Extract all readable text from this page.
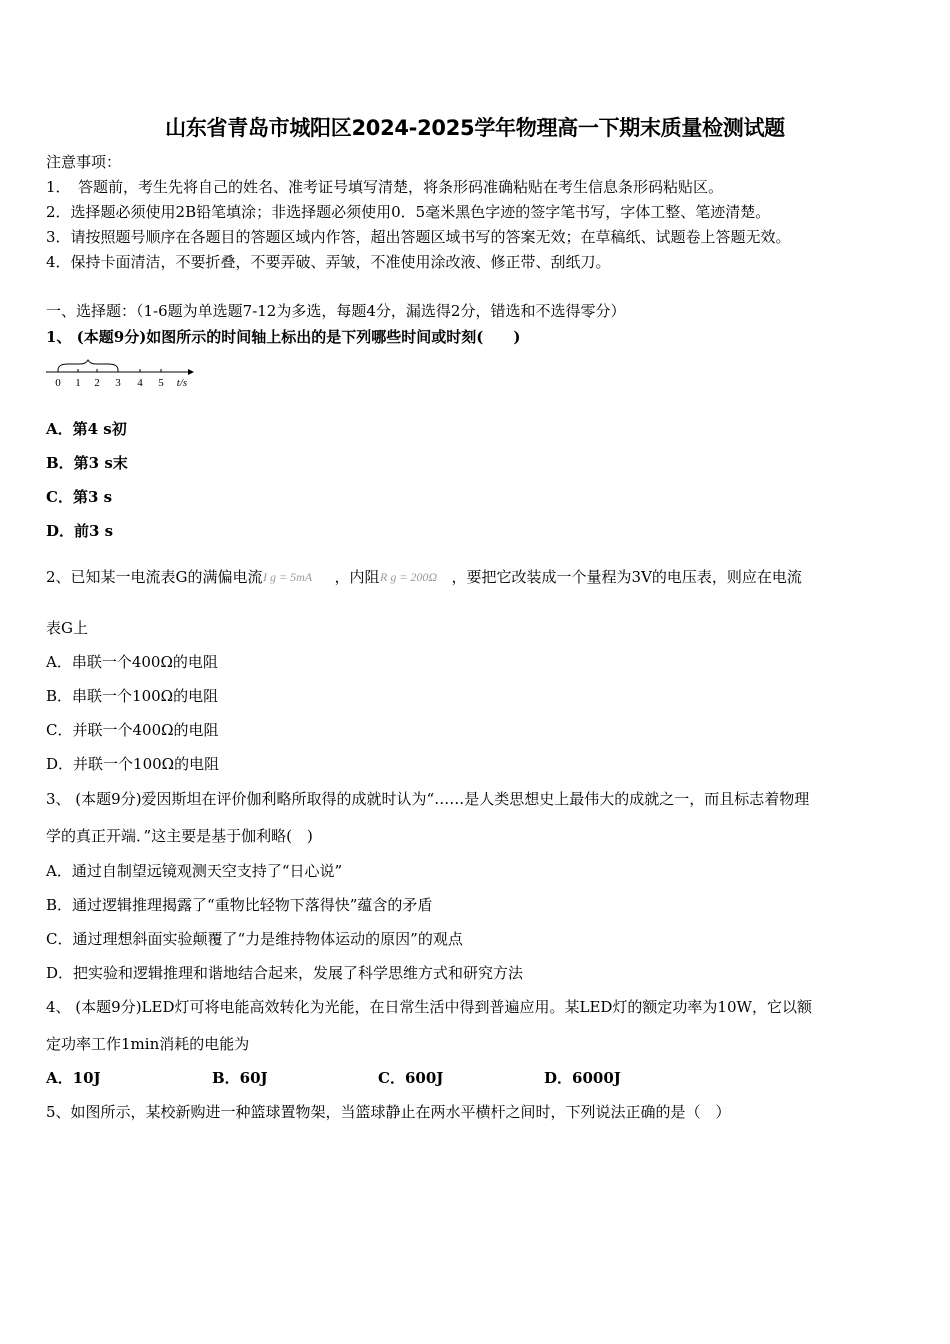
山东省青岛市城阳区2024-2025学年物理高一下期末质量检测试题
注意事项：
1．　答题前，考生先将自己的姓名、准考证号填写清楚，将条形码准确粘贴在考生信息条形码粘贴区。
2．选择题必须使用2B铅笔填涂；非选择题必须使用0．5毫米黑色字迹的签字笔书写，字体工整、笔迹清楚。
3．请按照题号顺序在各题目的答题区域内作答，超出答题区域书写的答案无效；在草稿纸、试题卷上答题无效。
4．保持卡面清洁，不要折叠，不要弄破、弄皱，不准使用涂改液、修正带、刮纸刀。
一、选择题：（1-6题为单选题7-12为多选，每题4分，漏选得2分，错选和不选得零分）
1、 (本题9分)如图所示的时间轴上标出的是下列哪些时间或时刻(　　)
0 1 2 3 4 5 t/s
A．第4 s初
B．第3 s末
C．第3 s
D．前3 s
2、已知某一电流表G的满偏电流 I g = 5mA ，内阻 R g = 200Ω ，要把它改装成一个量程为3V的电压表，则应在电流
表G上
A．串联一个400Ω的电阻
B．串联一个100Ω的电阻
C．并联一个400Ω的电阻
D．并联一个100Ω的电阻
3、 (本题9分)爱因斯坦在评价伽利略所取得的成就时认为“……是人类思想史上最伟大的成就之一，而且标志着物理
学的真正开端．”这主要是基于伽利略(　)
A．通过自制望远镜观测天空支持了“日心说”
B．通过逻辑推理揭露了“重物比轻物下落得快”蕴含的矛盾
C．通过理想斜面实验颠覆了“力是维持物体运动的原因”的观点
D．把实验和逻辑推理和谐地结合起来，发展了科学思维方式和研究方法
4、 (本题9分)LED灯可将电能高效转化为光能，在日常生活中得到普遍应用。某LED灯的额定功率为10W，它以额
定功率工作1min消耗的电能为
A．10J	B．60J	C．600J	D．6000J
5、如图所示，某校新购进一种篮球置物架，当篮球静止在两水平横杆之间时，下列说法正确的是（　）
